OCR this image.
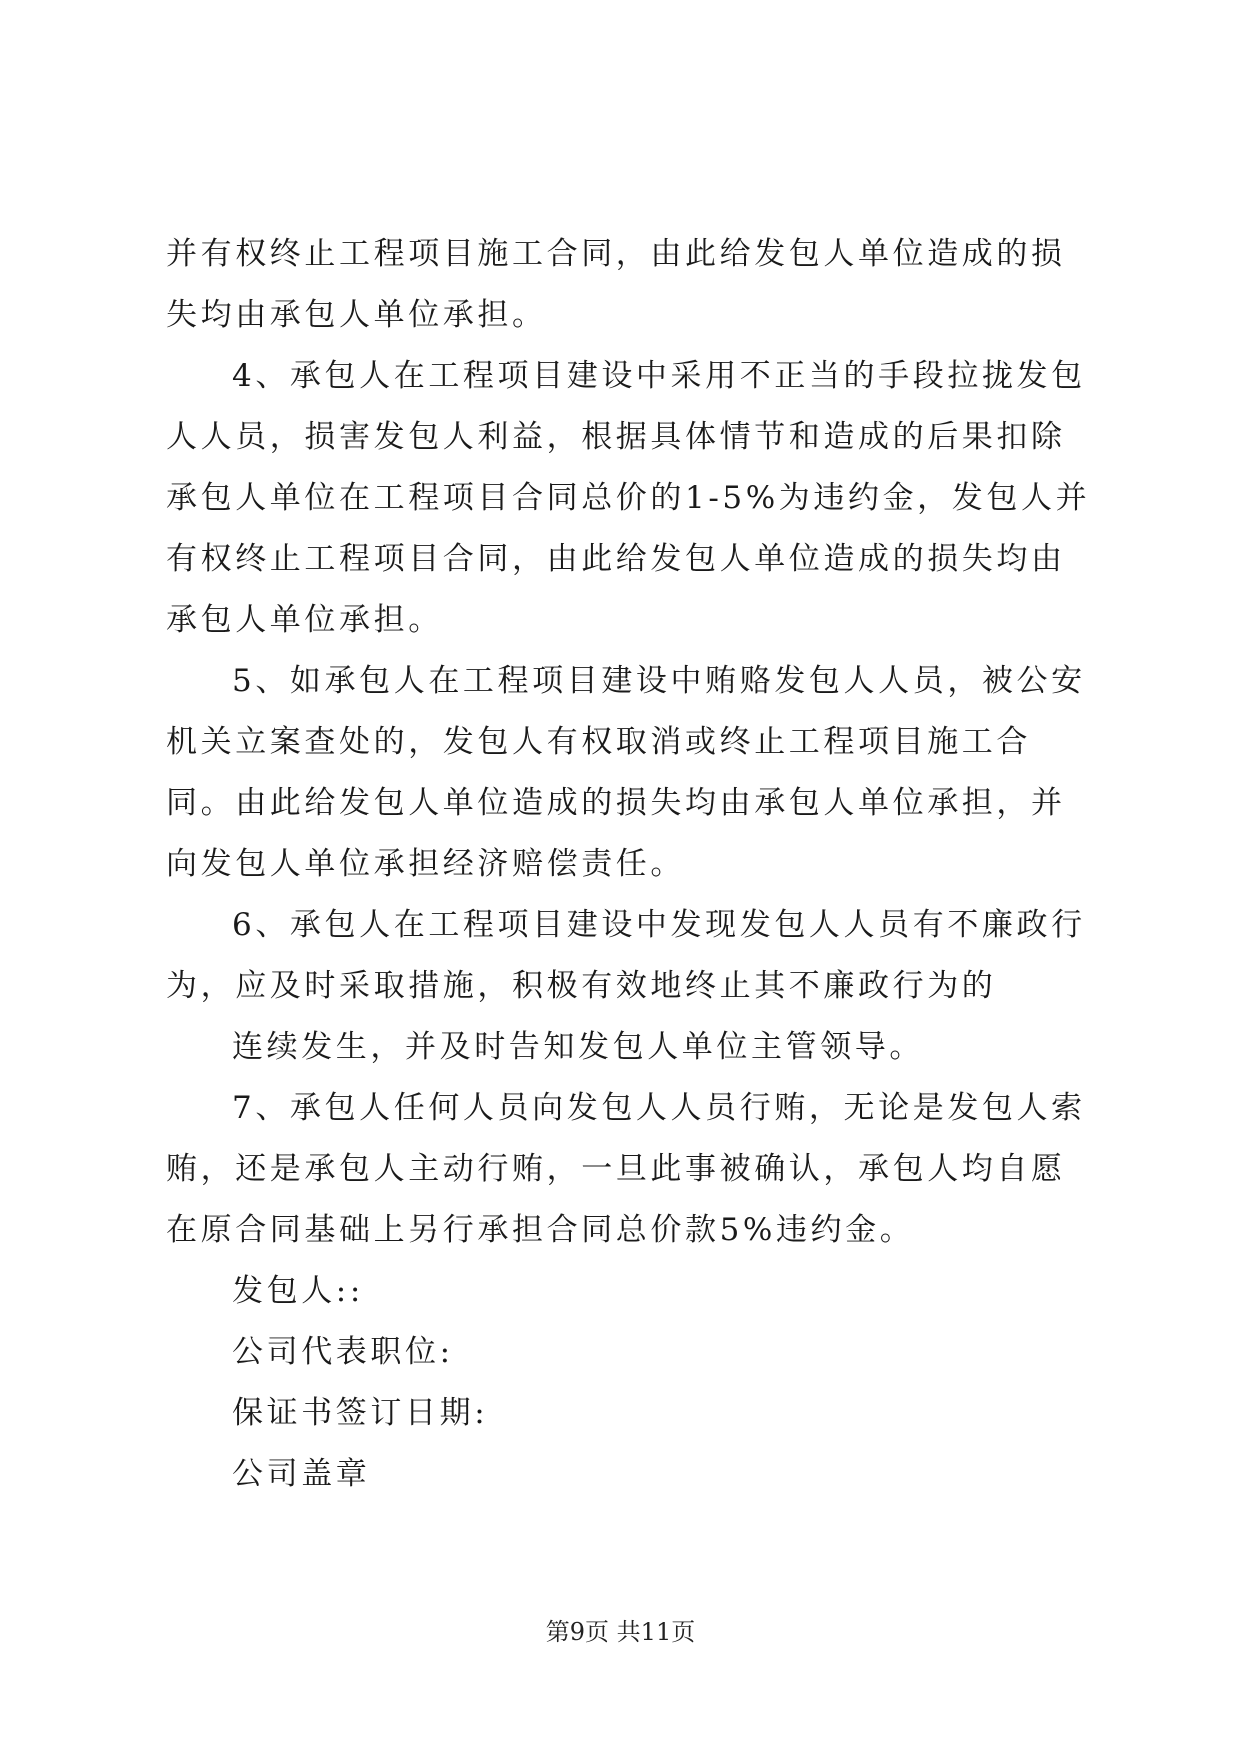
并有权终止工程项目施工合同，由此给发包人单位造成的损失均由承包人单位承担。

4、承包人在工程项目建设中采用不正当的手段拉拢发包人人员，损害发包人利益，根据具体情节和造成的后果扣除承包人单位在工程项目合同总价的1-5%为违约金，发包人并有权终止工程项目合同，由此给发包人单位造成的损失均由承包人单位承担。

5、如承包人在工程项目建设中贿赂发包人人员，被公安机关立案查处的，发包人有权取消或终止工程项目施工合同。由此给发包人单位造成的损失均由承包人单位承担，并向发包人单位承担经济赔偿责任。

6、承包人在工程项目建设中发现发包人人员有不廉政行为，应及时采取措施，积极有效地终止其不廉政行为的

连续发生，并及时告知发包人单位主管领导。

7、承包人任何人员向发包人人员行贿，无论是发包人索贿，还是承包人主动行贿，一旦此事被确认，承包人均自愿在原合同基础上另行承担合同总价款5%违约金。

发包人::

公司代表职位:

保证书签订日期:

公司盖章

第9页 共11页
